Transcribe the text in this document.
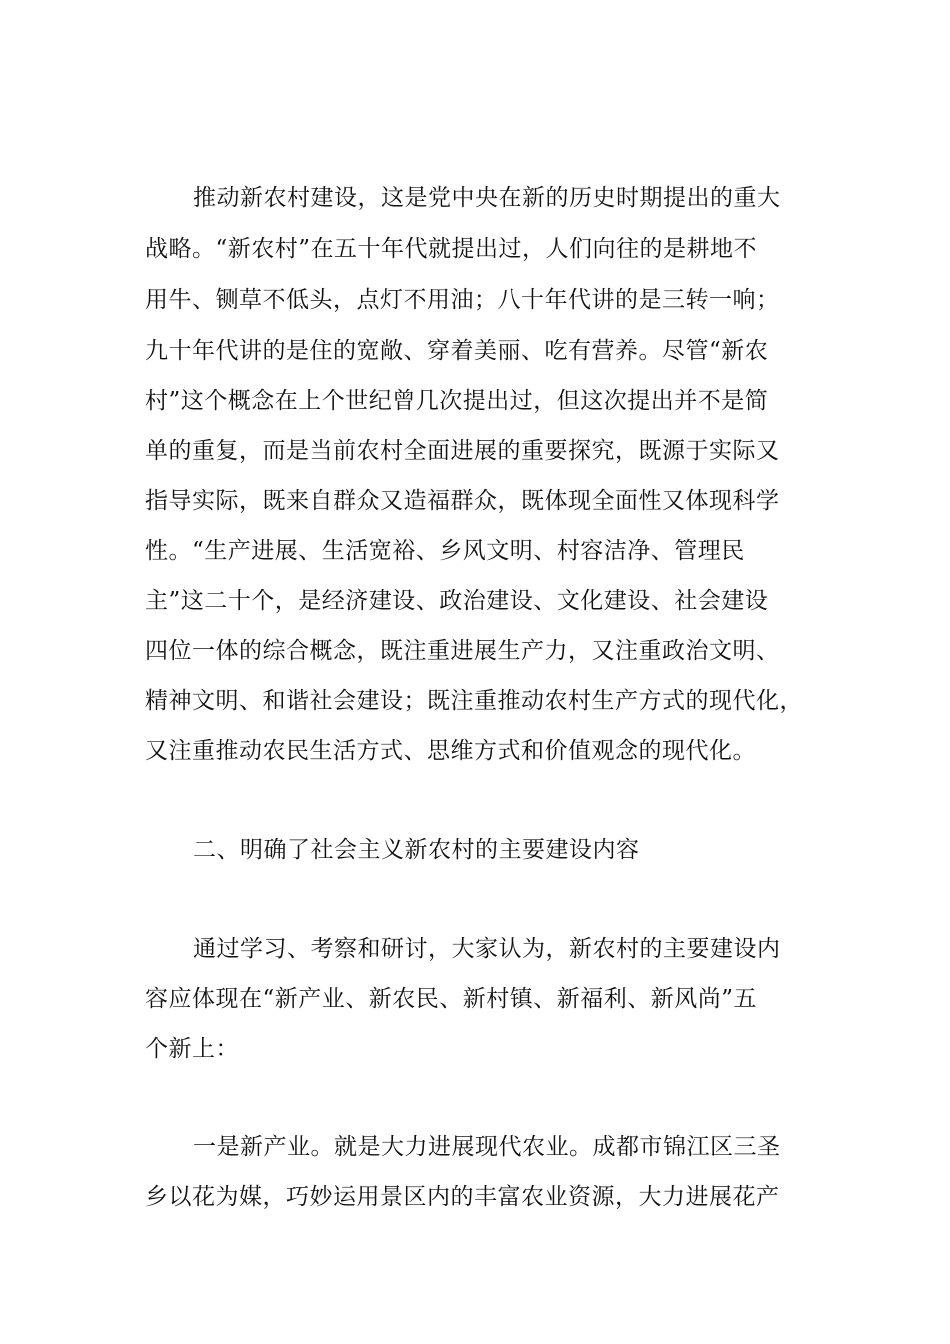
推动新农村建设，这是党中央在新的历史时期提出的重大
战略。“新农村”在五十年代就提出过，人们向往的是耕地不
用牛、铡草不低头，点灯不用油；八十年代讲的是三转一响；
九十年代讲的是住的宽敞、穿着美丽、吃有营养。尽管“新农
村”这个概念在上个世纪曾几次提出过，但这次提出并不是简
单的重复，而是当前农村全面进展的重要探究，既源于实际又
指导实际，既来自群众又造福群众，既体现全面性又体现科学
性。“生产进展、生活宽裕、乡风文明、村容洁净、管理民
主”这二十个，是经济建设、政治建设、文化建设、社会建设
四位一体的综合概念，既注重进展生产力，又注重政治文明、
精神文明、和谐社会建设；既注重推动农村生产方式的现代化，
又注重推动农民生活方式、思维方式和价值观念的现代化。
二、明确了社会主义新农村的主要建设内容
通过学习、考察和研讨，大家认为，新农村的主要建设内
容应体现在“新产业、新农民、新村镇、新福利、新风尚”五
个新上：
一是新产业。就是大力进展现代农业。成都市锦江区三圣
乡以花为媒，巧妙运用景区内的丰富农业资源，大力进展花产
